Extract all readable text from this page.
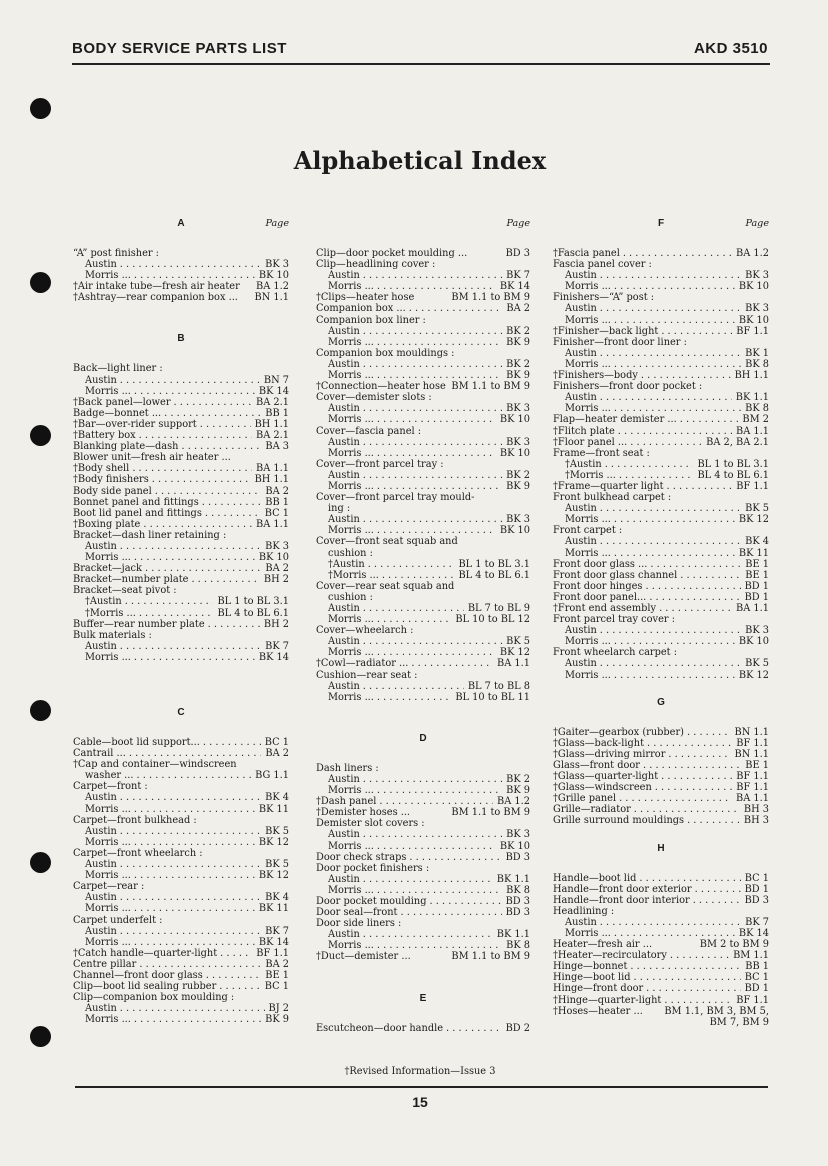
BODY SERVICE PARTS LIST	AKD 3510
Alphabetical Index
A	Page
“A” post finisher :
Austin . . .	BK 3
Morris ... . . .	BK 10
†Air intake tube—fresh air heater	BA 1.2
†Ashtray—rear companion box ...	BN 1.1
B
Back—light liner :
Austin . . .	BN 7
Morris ... . . .	BK 14
†Back panel—lower . . .	BA 2.1
Badge—bonnet ... . . .	BB 1
†Bar—over-rider support . . .	BH 1.1
†Battery box . . .	BA 2.1
Blanking plate—dash . . .	BA 3
Blower unit—fresh air heater ...
†Body shell . . .	BA 1.1
†Body finishers . . .	BH 1.1
Body side panel . . .	BA 2
Bonnet panel and fittings . . .	BB 1
Boot lid panel and fittings . . .	BC 1
†Boxing plate . . .	BA 1.1
Bracket—dash liner retaining :
Austin . . .	BK 3
Morris ... . . .	BK 10
Bracket—jack . . .	BA 2
Bracket—number plate . . .	BH 2
Bracket—seat pivot :
†Austin . . .	BL 1 to BL 3.1
†Morris ... . . .	BL 4 to BL 6.1
Buffer—rear number plate . . .	BH 2
Bulk materials :
Austin . . .	BK 7
Morris ... . . .	BK 14
C
Cable—boot lid support... . . .	BC 1
Cantrail ... . . .	BA 2
†Cap and container—windscreen
washer ... . . .	BG 1.1
Carpet—front :
Austin . . .	BK 4
Morris ... . . .	BK 11
Carpet—front bulkhead :
Austin . . .	BK 5
Morris ... . . .	BK 12
Carpet—front wheelarch :
Austin . . .	BK 5
Morris ... . . .	BK 12
Carpet—rear :
Austin . . .	BK 4
Morris ... . . .	BK 11
Carpet underfelt :
Austin . . .	BK 7
Morris ... . . .	BK 14
†Catch handle—quarter-light . . .	BF 1.1
Centre pillar . . .	BA 2
Channel—front door glass . . .	BE 1
Clip—boot lid sealing rubber . . .	BC 1
Clip—companion box moulding :
Austin . . .	BJ 2
Morris ... . . .	BK 9
Page
Clip—door pocket moulding ...	BD 3
Clip—headlining cover :
Austin . . .	BK 7
Morris ... . . .	BK 14
†Clips—heater hose	BM 1.1 to BM 9
Companion box ... . . .	BA 2
Companion box liner :
Austin . . .	BK 2
Morris ... . . .	BK 9
Companion box mouldings :
Austin . . .	BK 2
Morris ... . . .	BK 9
†Connection—heater hose BM 1.1 to BM 9
Cover—demister slots :
Austin . . .	BK 3
Morris ... . . .	BK 10
Cover—fascia panel :
Austin . . .	BK 3
Morris ... . . .	BK 10
Cover—front parcel tray :
Austin . . .	BK 2
Morris ... . . .	BK 9
Cover—front parcel tray mould-
ing :
Austin . . .	BK 3
Morris ... . . .	BK 10
Cover—front seat squab and
cushion :
†Austin . . .	BL 1 to BL 3.1
†Morris ... . . .	BL 4 to BL 6.1
Cover—rear seat squab and
cushion :
Austin . . .	BL 7 to BL 9
Morris ... . . .	BL 10 to BL 12
Cover—wheelarch :
Austin . . .	BK 5
Morris ... . . .	BK 12
†Cowl—radiator ... . . .	BA 1.1
Cushion—rear seat :
Austin . . .	BL 7 to BL 8
Morris ... . . .	BL 10 to BL 11
D
Dash liners :
Austin . . .	BK 2
Morris ... . . .	BK 9
†Dash panel . . .	BA 1.2
†Demister hoses ...	BM 1.1 to BM 9
Demister slot covers :
Austin . . .	BK 3
Morris ... . . .	BK 10
Door check straps . . .	BD 3
Door pocket finishers :
Austin . . .	BK 1.1
Morris ... . . .	BK 8
Door pocket moulding . . .	BD 3
Door seal—front . . .	BD 3
Door side liners :
Austin . . .	BK 1.1
Morris ... . . .	BK 8
†Duct—demister ...	BM 1.1 to BM 9
E
Escutcheon—door handle . . .	BD 2
F	Page
†Fascia panel . . .	BA 1.2
Fascia panel cover :
Austin . . .	BK 3
Morris ... . . .	BK 10
Finishers—“A” post :
Austin . . .	BK 3
Morris ... . . .	BK 10
†Finisher—back light . . .	BF 1.1
Finisher—front door liner :
Austin . . .	BK 1
Morris ... . . .	BK 8
†Finishers—body . . .	BH 1.1
Finishers—front door pocket :
Austin . . .	BK 1.1
Morris ... . . .	BK 8
Flap—heater demister ... . . .	BM 2
†Flitch plate . . .	BA 1.1
†Floor panel ... . . .	BA 2, BA 2.1
Frame—front seat :
†Austin . . .	BL 1 to BL 3.1
†Morris ... . . .	BL 4 to BL 6.1
†Frame—quarter light . . .	BF 1.1
Front bulkhead carpet :
Austin . . .	BK 5
Morris ... . . .	BK 12
Front carpet :
Austin . . .	BK 4
Morris ... . . .	BK 11
Front door glass ... . . .	BE 1
Front door glass channel . . .	BE 1
Front door hinges . . .	BD 1
Front door panel... . . .	BD 1
†Front end assembly . . .	BA 1.1
Front parcel tray cover :
Austin . . .	BK 3
Morris ... . . .	BK 10
Front wheelarch carpet :
Austin . . .	BK 5
Morris ... . . .	BK 12
G
†Gaiter—gearbox (rubber) . . .	BN 1.1
†Glass—back-light . . .	BF 1.1
†Glass—driving mirror . . .	BN 1.1
Glass—front door . . .	BE 1
†Glass—quarter-light . . .	BF 1.1
†Glass—windscreen . . .	BF 1.1
†Grille panel . . .	BA 1.1
Grille—radiator . . .	BH 3
Grille surround mouldings . . .	BH 3
H
Handle—boot lid . . .	BC 1
Handle—front door exterior . . .	BD 1
Handle—front door interior . . .	BD 3
Headlining :
Austin . . .	BK 7
Morris ... . . .	BK 14
Heater—fresh air ...	BM 2 to BM 9
†Heater—recirculatory . . .	BM 1.1
Hinge—bonnet . . .	BB 1
Hinge—boot lid . . .	BC 1
Hinge—front door . . .	BD 1
†Hinge—quarter-light . . .	BF 1.1
†Hoses—heater ...	BM 1.1, BM 3, BM 5,
BM 7, BM 9
†Revised Information—Issue 3
15
